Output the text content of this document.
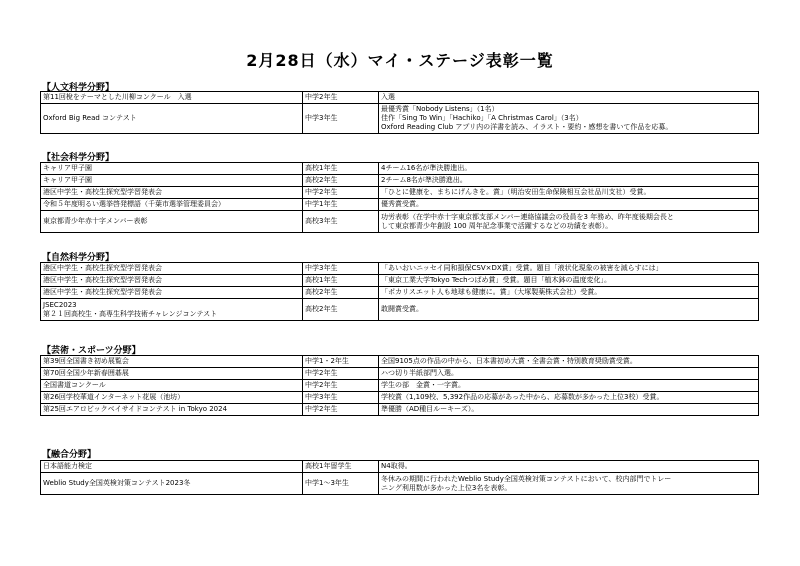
2月28日（水）マイ・ステージ表彰一覧
【人文科学分野】
第11回梲をテーマとした川柳コンクール　入選	中学2年生	入選

Oxford Big Read コンテスト	中学3年生	最優秀賞「Nobody Listens」（1名）
佳作「Sing To Win」「Hachiko」「A Christmas Carol」（3名）
Oxford Reading Club アプリ内の洋書を読み、イラスト・要約・感想を書いて作品を応募。
【社会科学分野】
キャリア甲子園	高校1年生	4チーム16名が準決勝進出。

キャリア甲子園	高校2年生	2チーム8名が準決勝進出。

港区中学生・高校生探究型学習発表会	中学2年生	「ひとに健康を、まちにげんきを。賞」（明治安田生命保険相互会社品川支社）受賞。

令和５年度明るい選挙啓発標語（千葉市選挙管理委員会）	中学1年生	優秀賞受賞。

東京都青少年赤十字メンバー表彰	高校3年生	功労表彰（在学中赤十字東京都支部メンバー連絡協議会の役員を3 年務め、昨年度後期会長と
して東京都青少年創設 100 周年記念事業で活躍するなどの功績を表彰）。
【自然科学分野】
港区中学生・高校生探究型学習発表会	中学3年生	「あいおいニッセイ同和損保CSV×DX賞」受賞。題目「液状化現象の被害を減らすには」

港区中学生・高校生探究型学習発表会	高校1年生	「東京工業大学Tokyo Techつばめ賞」受賞。題目「植木鉢の温度変化」。

港区中学生・高校生探究型学習発表会	高校2年生	「ポカリスエット人も地球も健康に。賞」（大塚製薬株式会社）受賞。

JSEC2023
第２１回高校生・高専生科学技術チャレンジコンテスト	高校2年生	敢闘賞受賞。
【芸術・スポーツ分野】
第39回全国書き初め展覧会	中学1・2年生	全国9105点の作品の中から、日本書初め大賞・全書会賞・特別教育奨励賞受賞。

第70回全国少年新春囲碁展	中学2年生	ハつ切り半紙部門入選。

全国書道コンクール	中学2年生	学生の部　金賞・一字賞。

第26回学校華道インターネット花展（池坊）	中学3年生	学校賞（1,109校、5,392作品の応募があった中から、応募数が多かった上位3校）受賞。

第25回エアロビックベイサイドコンテスト in Tokyo 2024	中学2年生	準優勝（AD種目ルーキーズ）。
【融合分野】
日本語能力検定	高校1年留学生	N4取得。

Weblio Study全国英検対策コンテスト2023冬	中学1～3年生	冬休みの期間に行われたWeblio Study全国英検対策コンテストにおいて、校内部門でトレー
ニング利用数が多かった上位3名を表彰。
